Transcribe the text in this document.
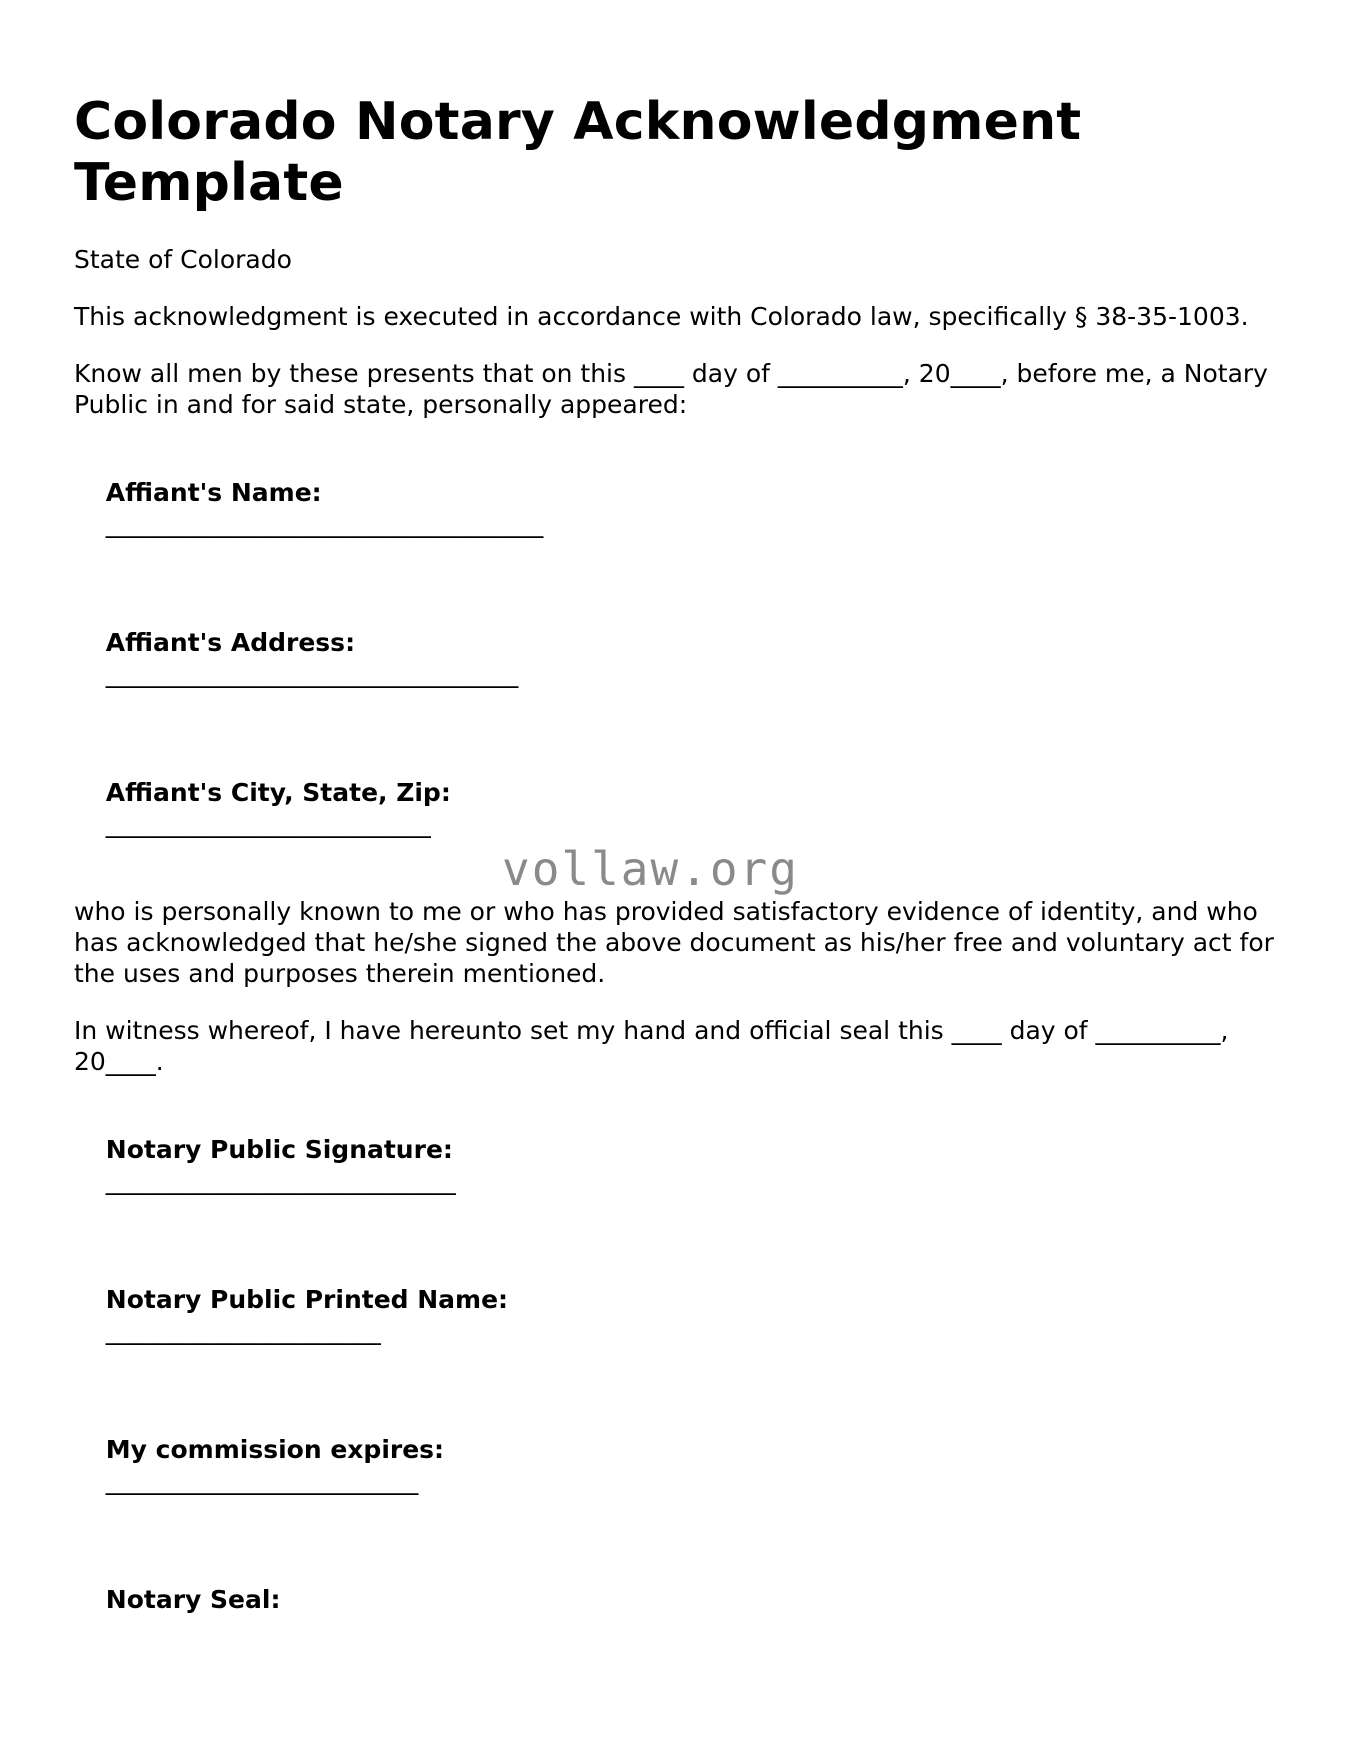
Colorado Notary Acknowledgment Template

State of Colorado

This acknowledgment is executed in accordance with Colorado law, specifically § 38-35-1003.

Know all men by these presents that on this ____ day of __________, 20____, before me, a Notary Public in and for said state, personally appeared:

Affiant's Name:
___________________________________

Affiant's Address:
_________________________________

Affiant's City, State, Zip:
__________________________

who is personally known to me or who has provided satisfactory evidence of identity, and who has acknowledged that he/she signed the above document as his/her free and voluntary act for the uses and purposes therein mentioned.

In witness whereof, I have hereunto set my hand and official seal this ____ day of __________, 20____.

Notary Public Signature:
____________________________

Notary Public Printed Name:
______________________

My commission expires:
_________________________

Notary Seal:

vollaw.org
